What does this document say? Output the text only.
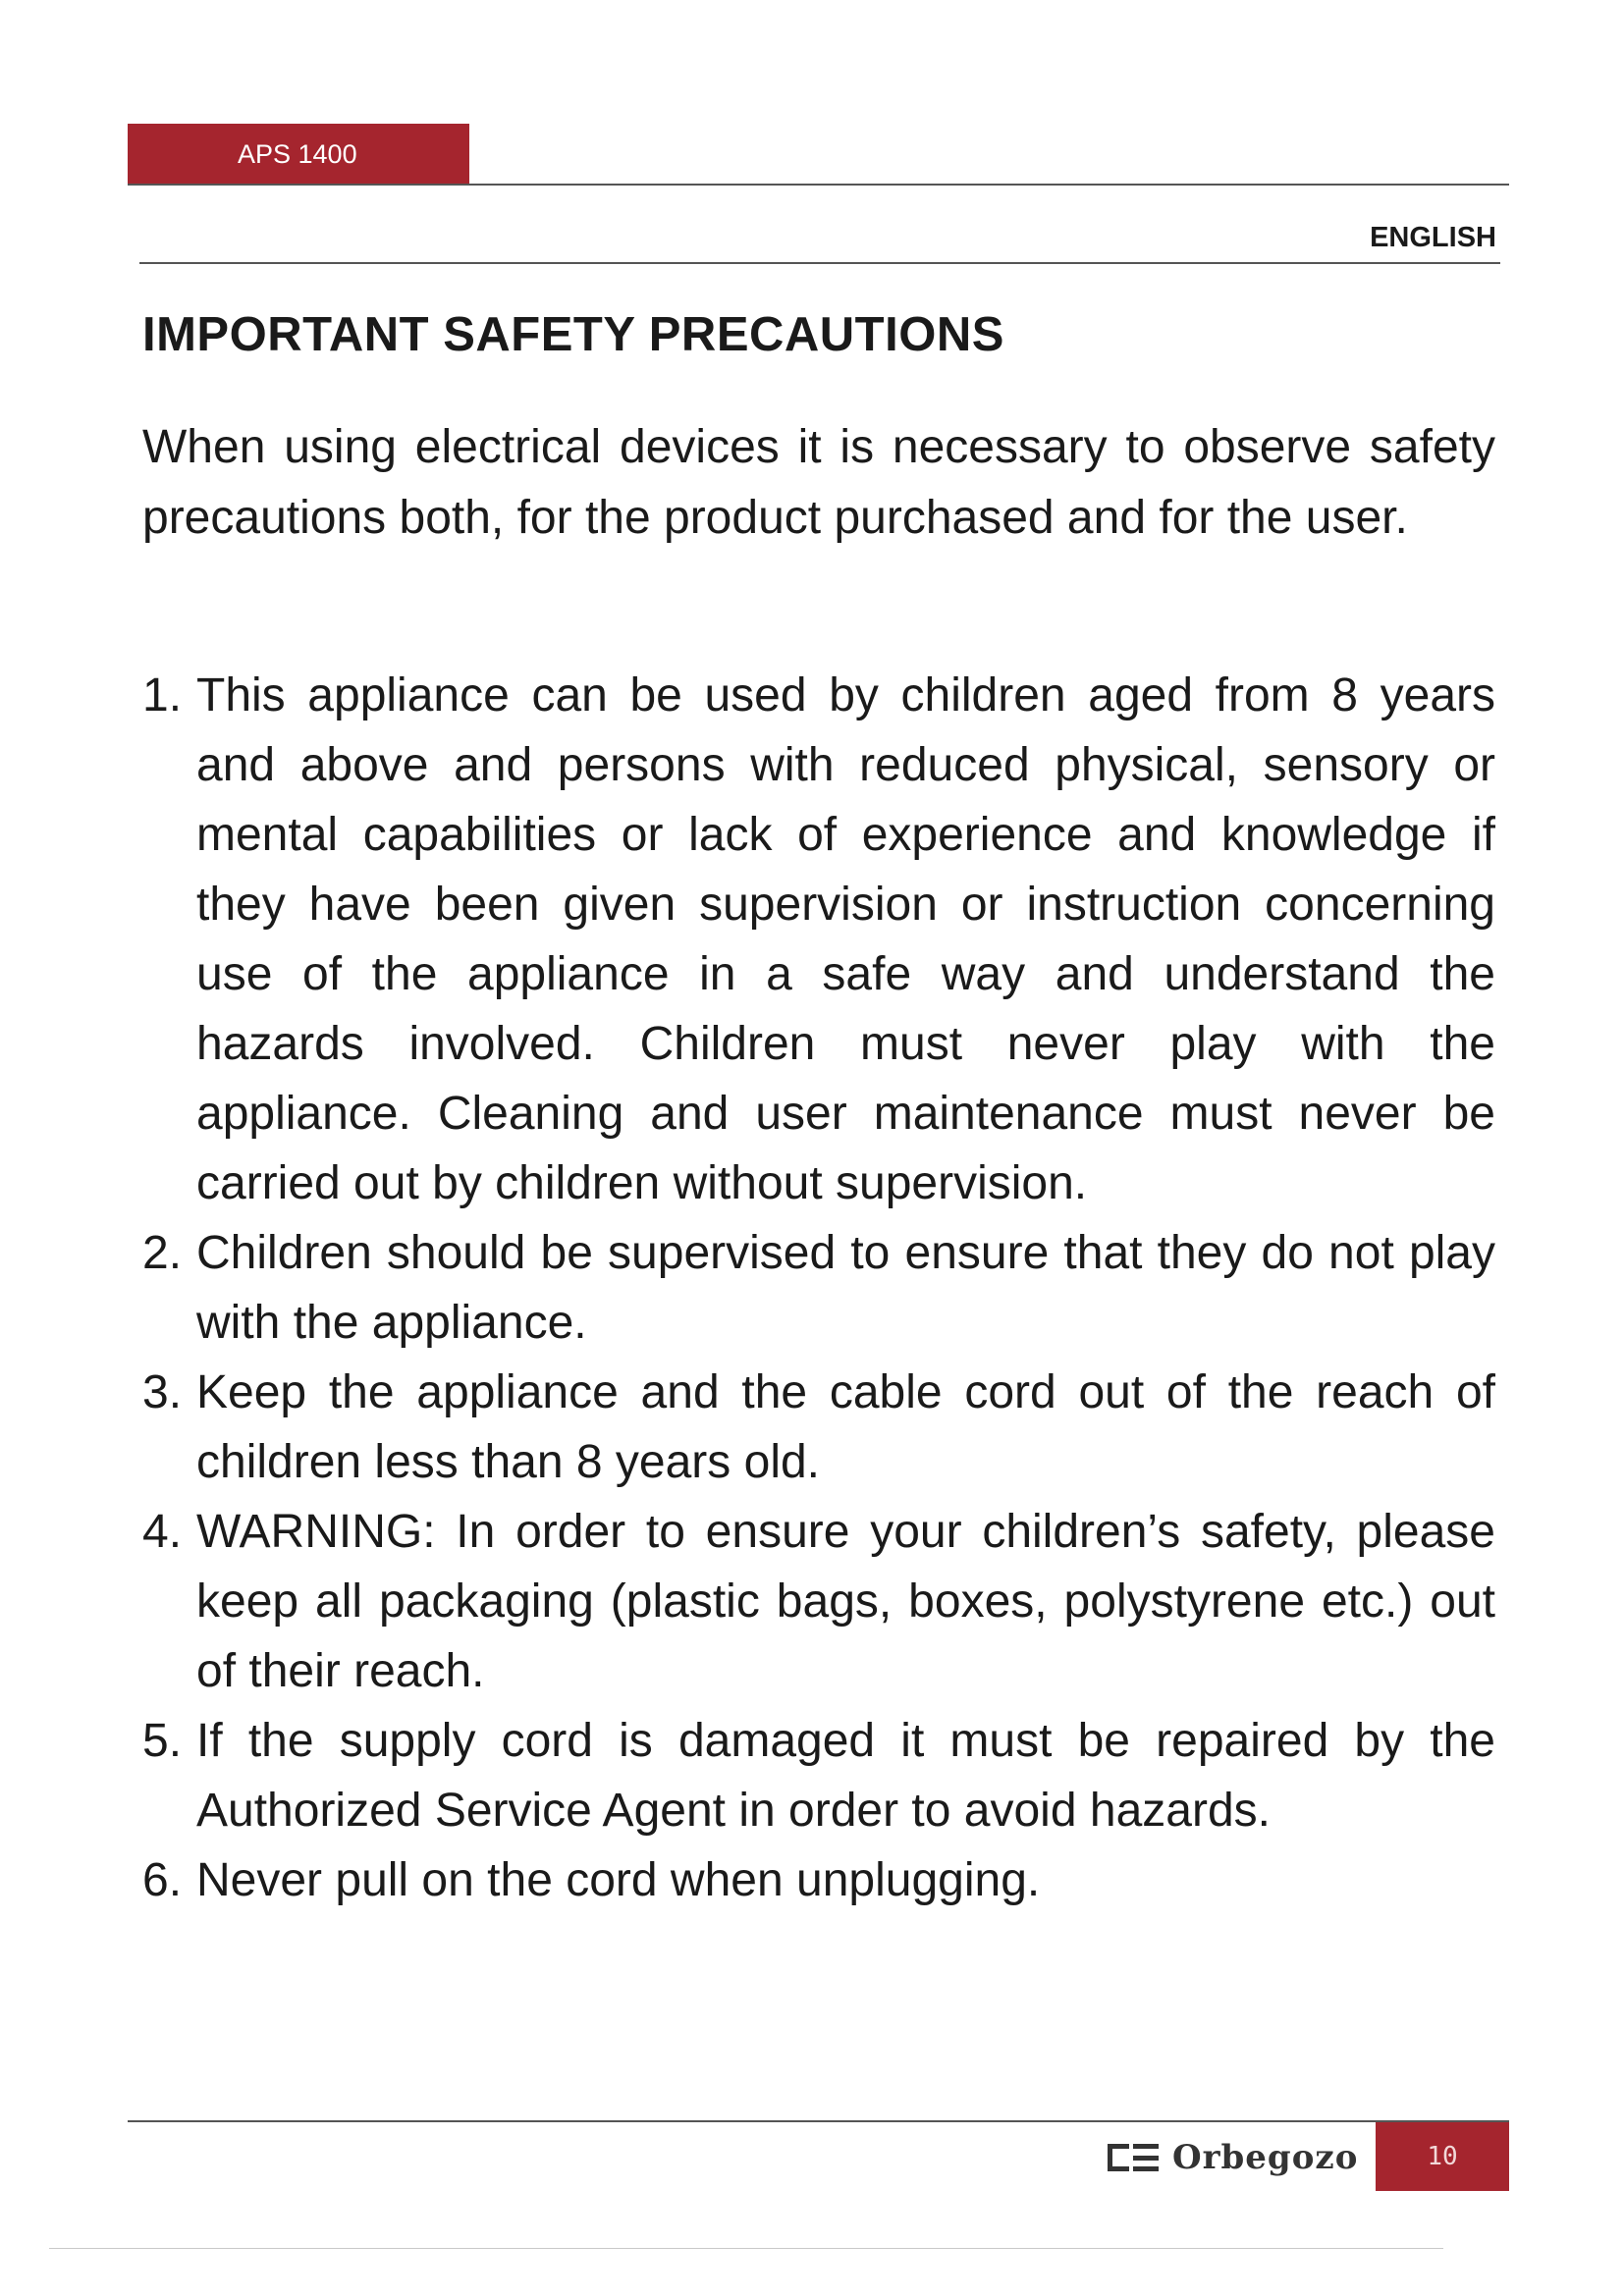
APS 1400
ENGLISH
IMPORTANT SAFETY PRECAUTIONS

When using electrical devices it is necessary to observe safety precautions both, for the product purchased and for the user.

1. This appliance can be used by children aged from 8 years and above and persons with reduced physical, sensory or mental capabilities or lack of experience and knowledge if they have been given supervision or instruction concerning use of the appliance in a safe way and understand the hazards involved. Children must never play with the appliance. Cleaning and user maintenance must never be carried out by children without supervision.
2. Children should be supervised to ensure that they do not play with the appliance.
3. Keep the appliance and the cable cord out of the reach of children less than 8 years old.
4. WARNING: In order to ensure your children’s safety, please keep all packaging (plastic bags, boxes, polystyrene etc.) out of their reach.
5. If the supply cord is damaged it must be repaired by the Authorized Service Agent in order to avoid hazards.
6. Never pull on the cord when unplugging.
Orbegozo	10
